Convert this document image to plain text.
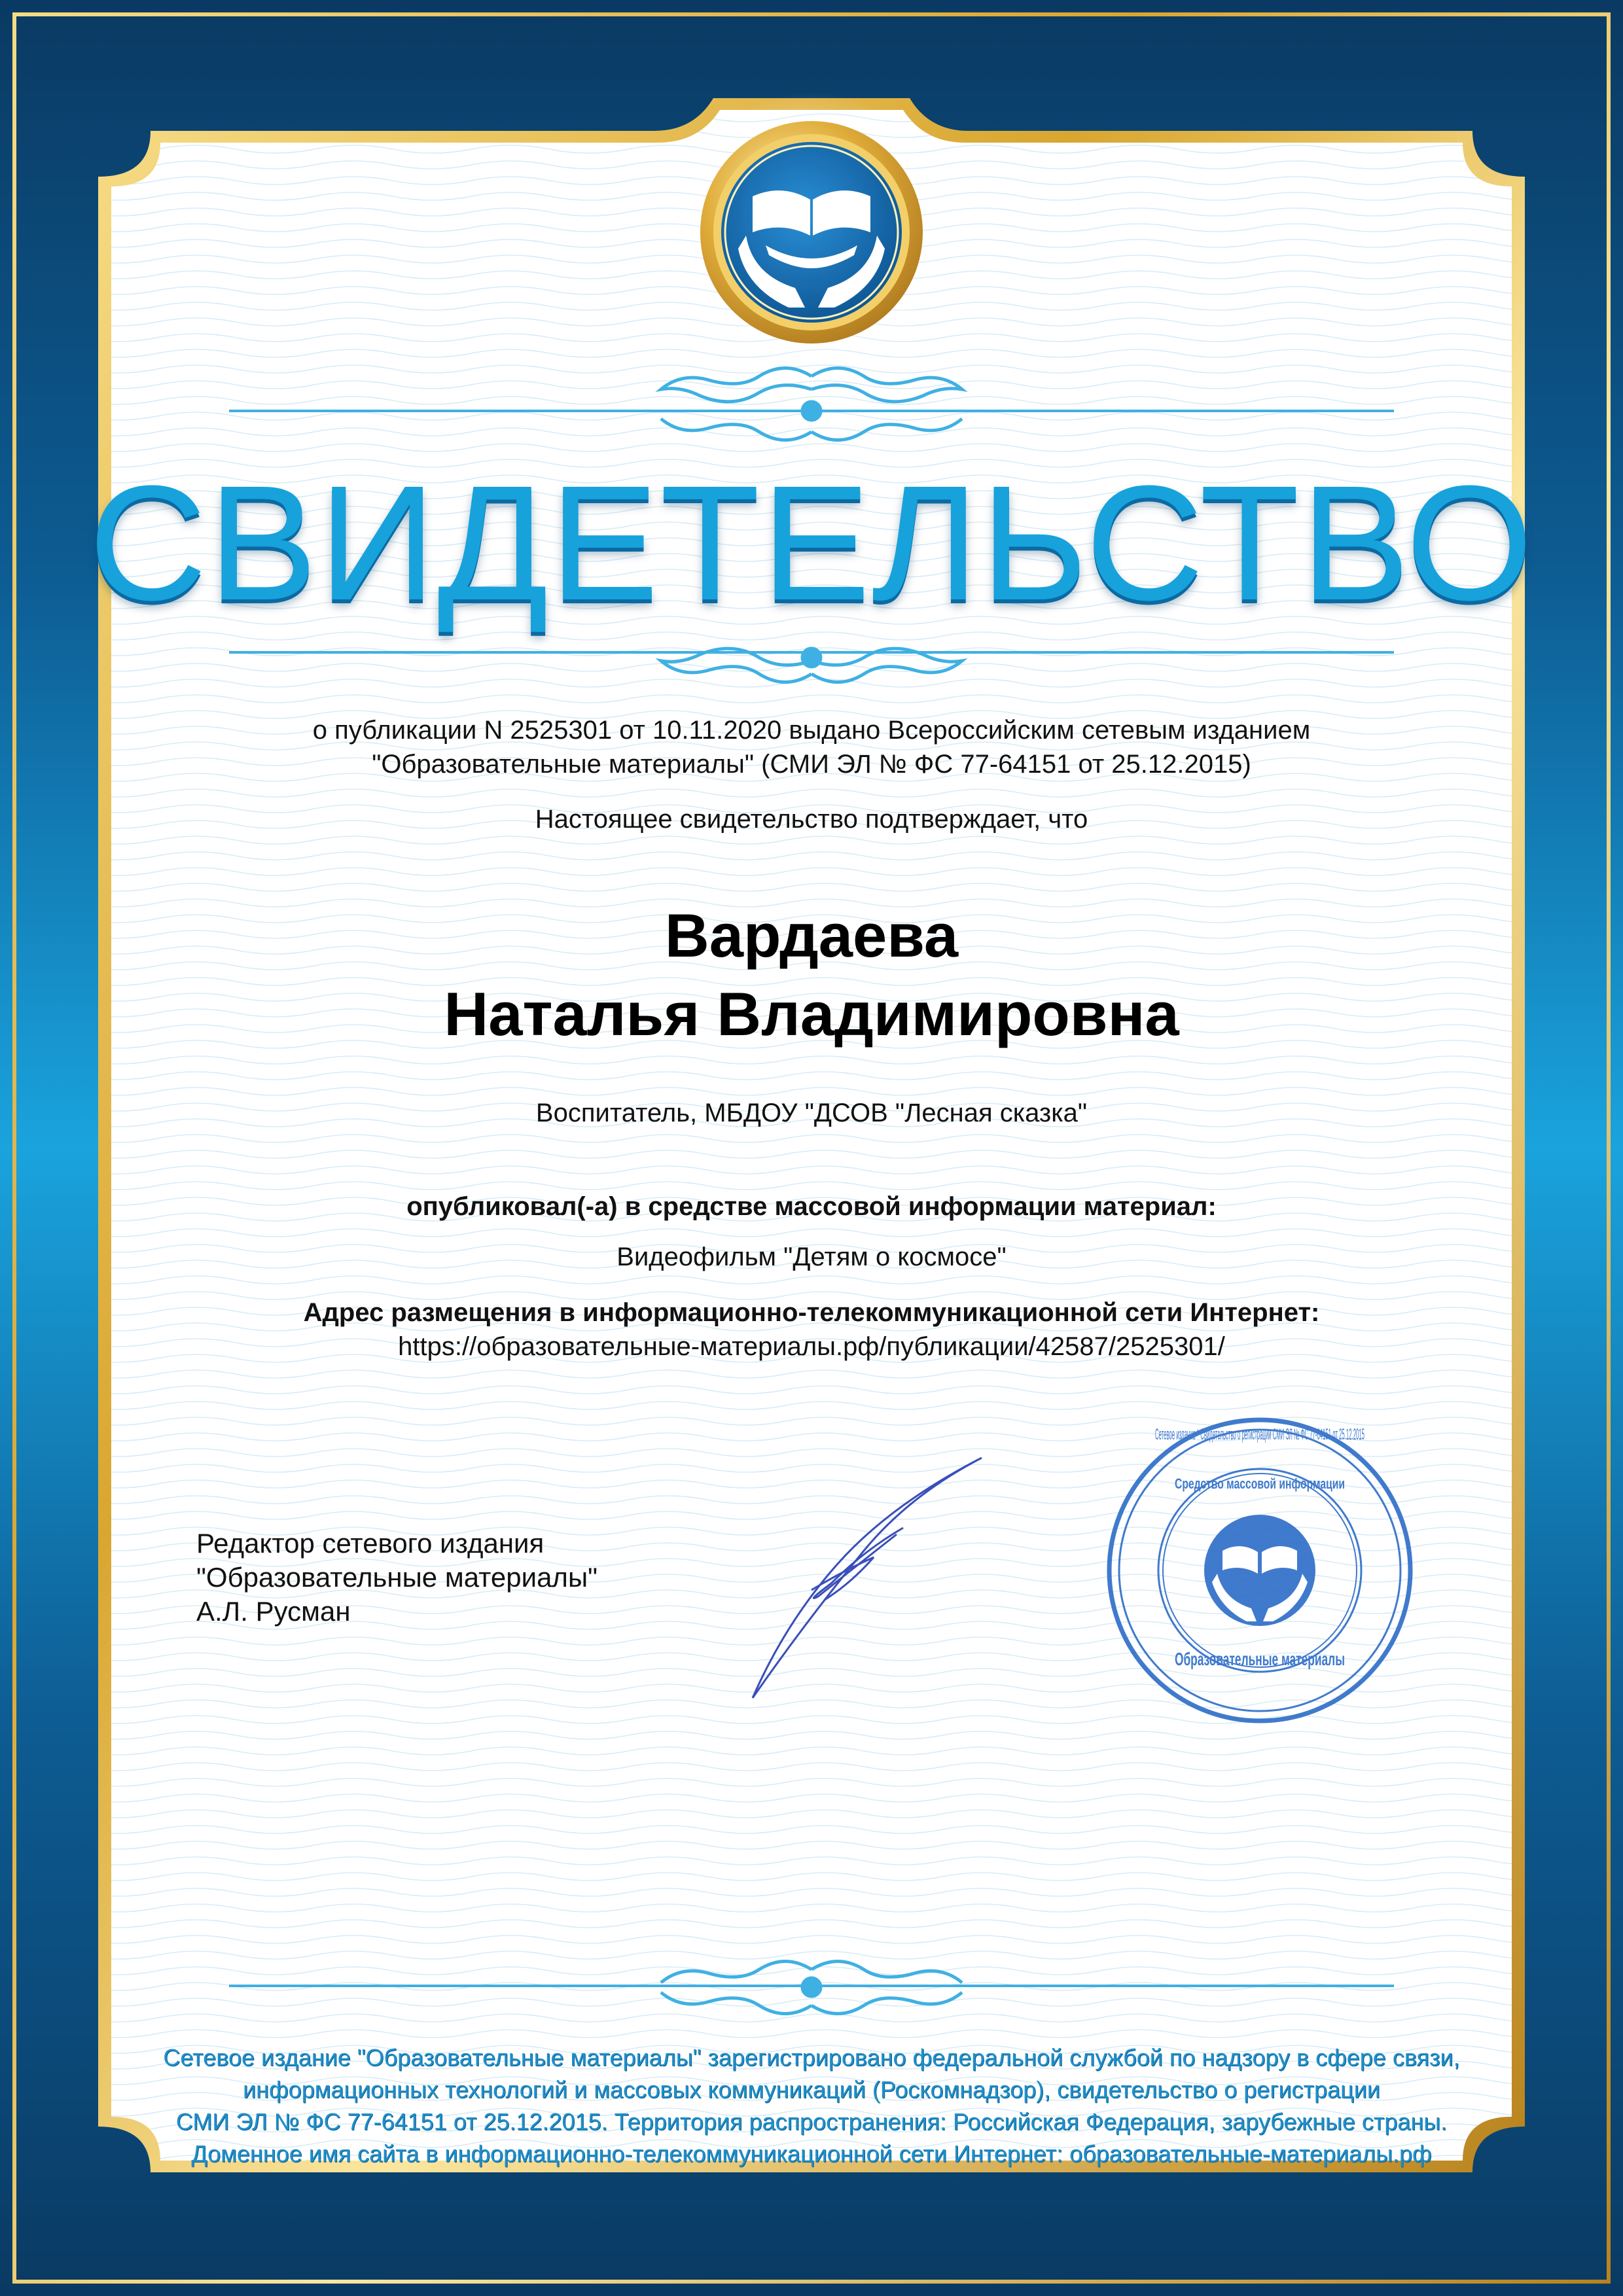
Сетевое издание * Свидетельство о регистрации СМИ ЭЛ № ФС 77-64151 от 25.12.2015
Средство массовой информации
Образовательные материалы
СВИДЕТЕЛЬСТВО
о публикации N 2525301 от 10.11.2020 выдано Всероссийским сетевым изданием
"Образовательные материалы" (СМИ ЭЛ № ФС 77-64151 от 25.12.2015)
Настоящее свидетельство подтверждает, что
Вардаева
Наталья Владимировна
Воспитатель, МБДОУ "ДСОВ "Лесная сказка"
опубликовал(-а) в средстве массовой информации материал:
Видеофильм "Детям о космосе"
Адрес размещения в информационно-телекоммуникационной сети Интернет:
https://образовательные-материалы.рф/публикации/42587/2525301/
Редактор сетевого издания
"Образовательные материалы"
А.Л. Русман
Сетевое издание "Образовательные материалы" зарегистрировано федеральной службой по надзору в сфере связи,
информационных технологий и массовых коммуникаций (Роскомнадзор), свидетельство о регистрации
СМИ ЭЛ № ФС 77-64151 от 25.12.2015. Территория распространения: Российская Федерация, зарубежные страны.
Доменное имя сайта в информационно-телекоммуникационной сети Интернет: образовательные-материалы.рф
